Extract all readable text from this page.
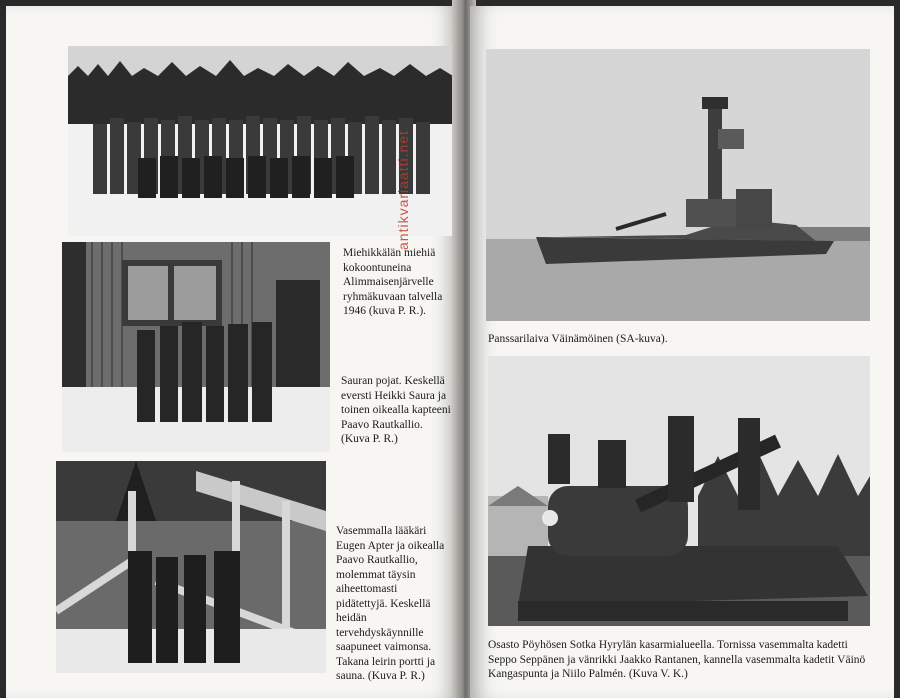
Miehikkälän miehiä kokoontuneina Alimmaisenjärvelle ryhmäkuvaan talvella 1946 (kuva P. R.).

Sauran pojat. Keskellä eversti Heikki Saura ja toinen oikealla kapteeni Paavo Rautkallio. (Kuva P. R.)

Vasemmalla lääkäri Eugen Apter ja oikealla Paavo Rautkallio, molemmat täysin aiheettomasti pidätettyjä. Keskellä heidän tervehdyskäynnille saapuneet vaimonsa. Takana leirin portti ja sauna. (Kuva P. R.)

Panssarilaiva Väinämöinen (SA-kuva).

Osasto Pöyhösen Sotka Hyrylän kasarmialueella. Tornissa vasemmalta kadetti Seppo Seppänen ja vänrikki Jaakko Rantanen, kannella vasemmalta kadetit Väinö Kangaspunta ja Niilo Palmén. (Kuva V. K.)

antikvariaatti.net
